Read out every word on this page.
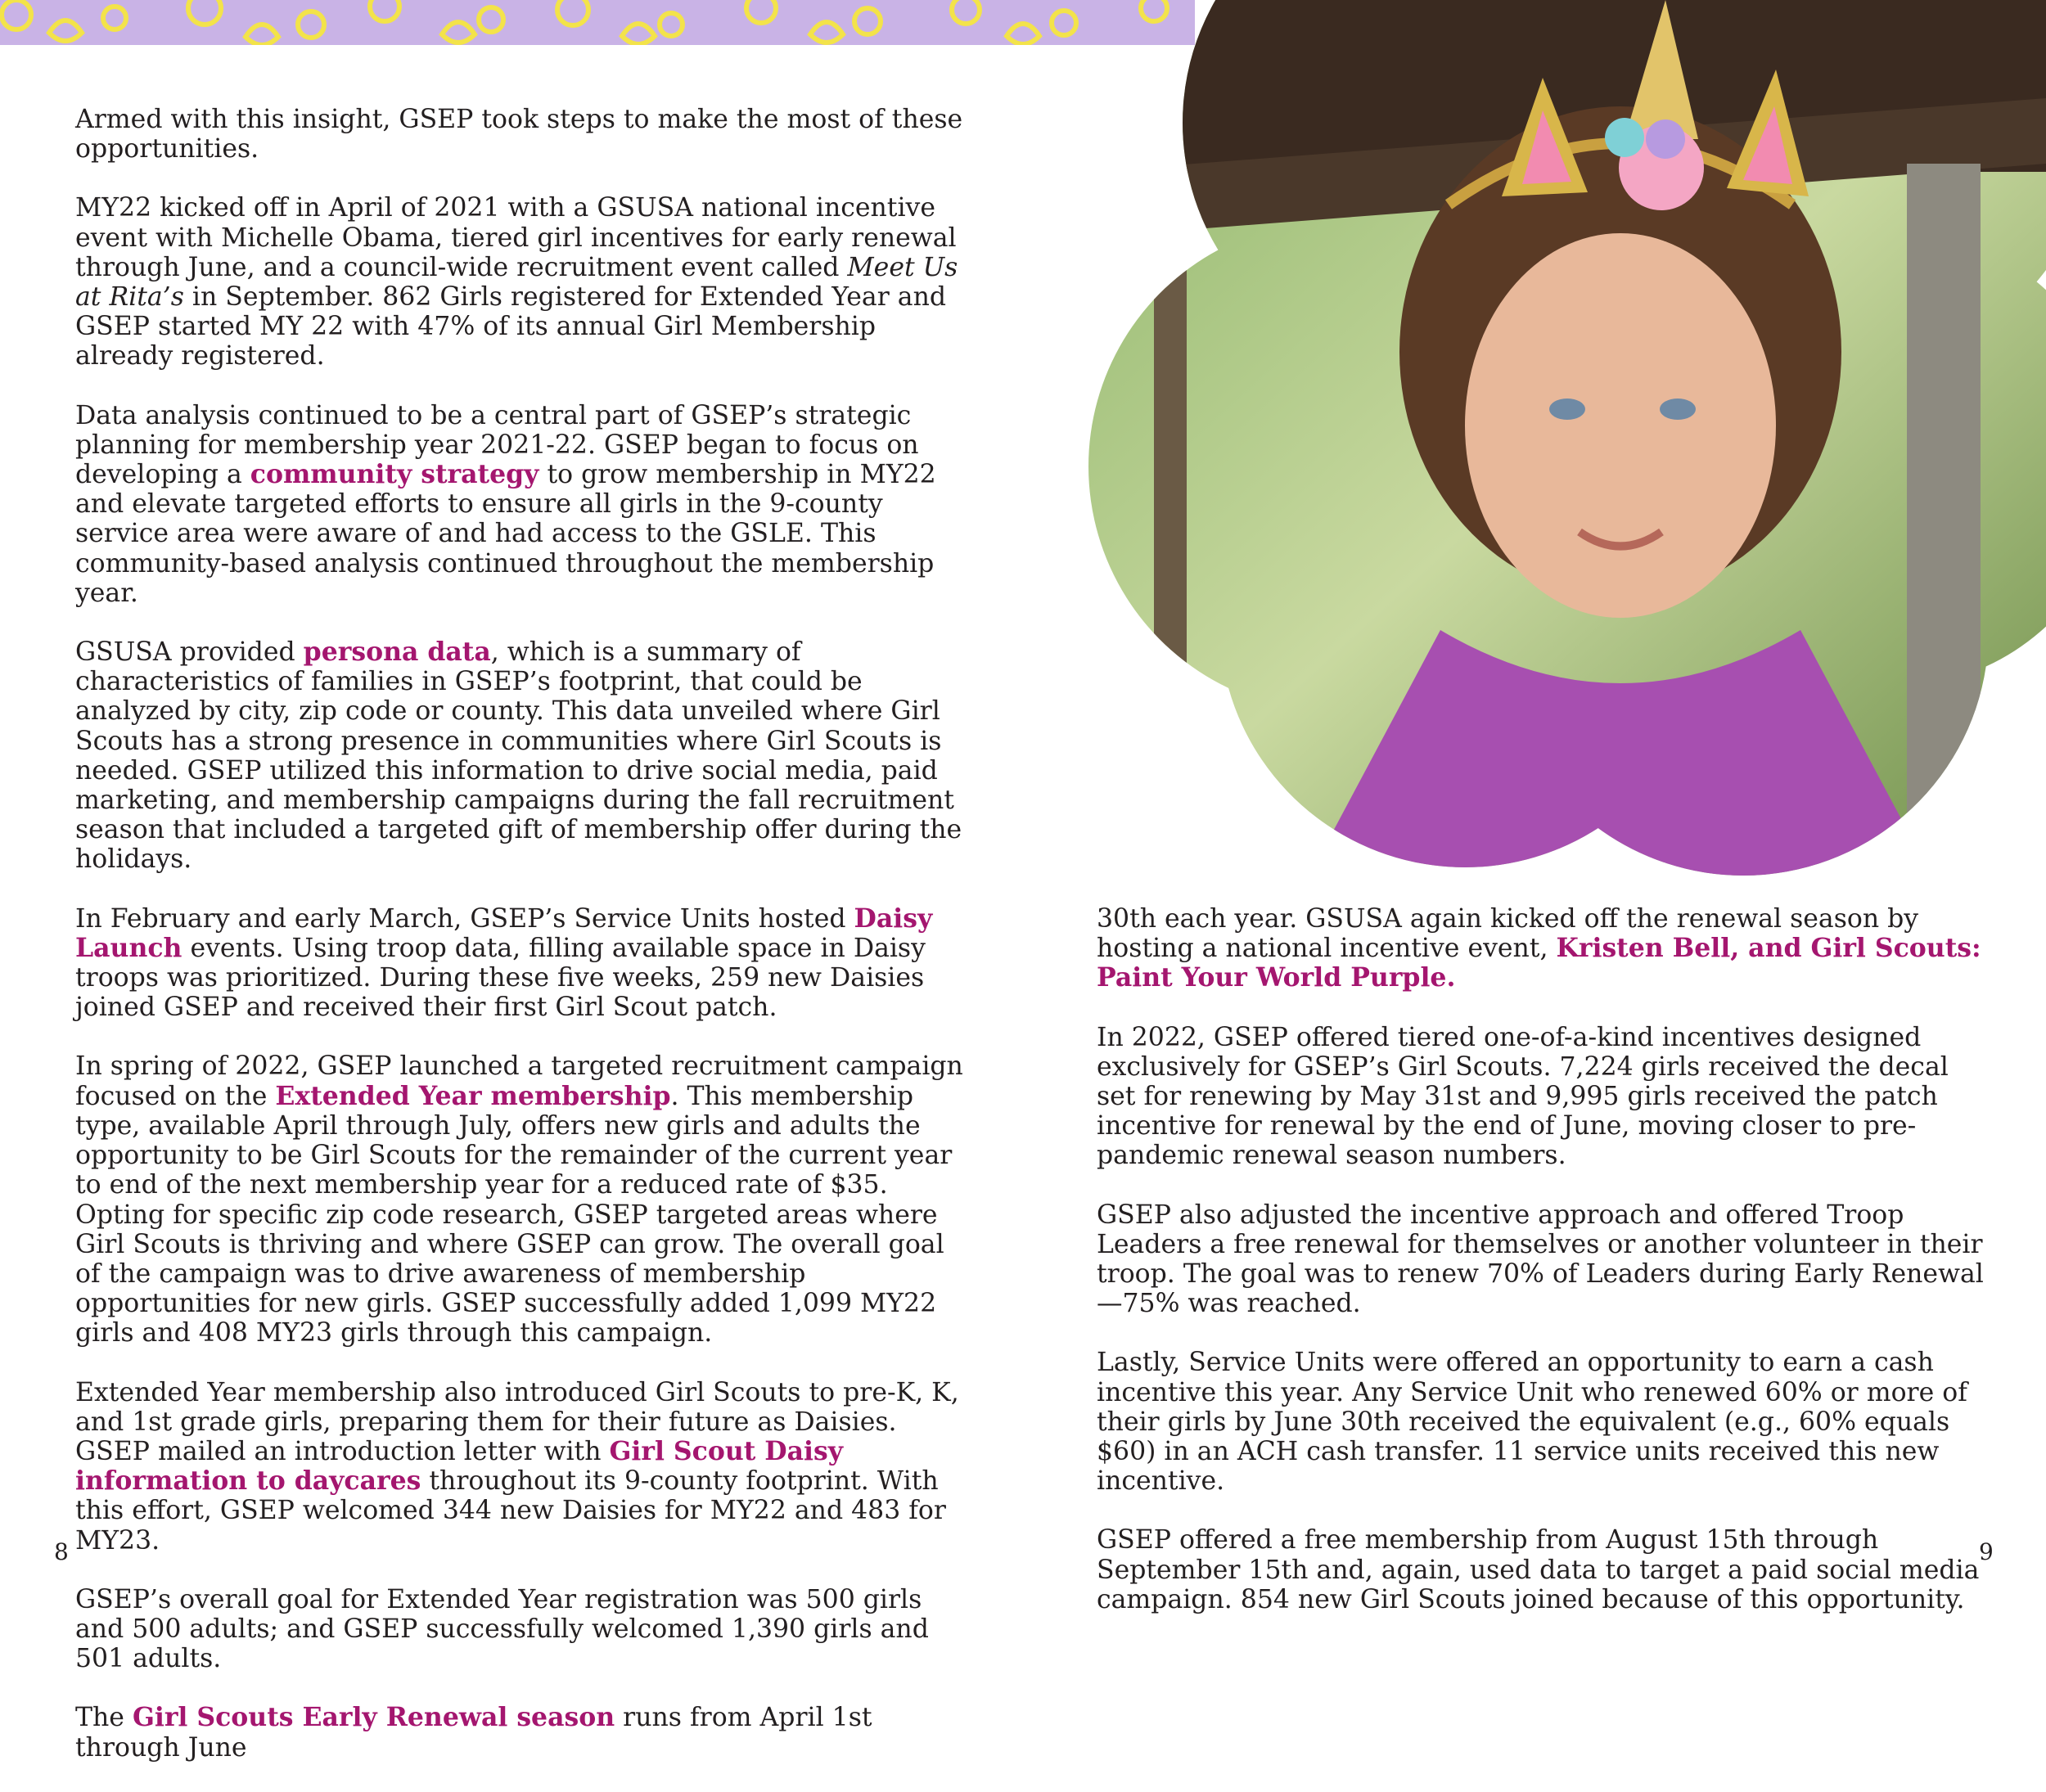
Armed with this insight, GSEP took steps to make the most of these opportunities.

MY22 kicked off in April of 2021 with a GSUSA national incentive event with Michelle Obama, tiered girl incentives for early renewal through June, and a council-wide recruitment event called Meet Us at Rita’s in September. 862 Girls registered for Extended Year and GSEP started MY 22 with 47% of its annual Girl Membership already registered.

Data analysis continued to be a central part of GSEP’s strategic planning for membership year 2021-22. GSEP began to focus on developing a community strategy to grow membership in MY22 and elevate targeted efforts to ensure all girls in the 9-county service area were aware of and had access to the GSLE. This community-based analysis continued throughout the membership year.

GSUSA provided persona data, which is a summary of characteristics of families in GSEP’s footprint, that could be analyzed by city, zip code or county. This data unveiled where Girl Scouts has a strong presence in communities where Girl Scouts is needed. GSEP utilized this information to drive social media, paid marketing, and membership campaigns during the fall recruitment season that included a targeted gift of membership offer during the holidays.

In February and early March, GSEP’s Service Units hosted Daisy Launch events. Using troop data, filling available space in Daisy troops was prioritized. During these five weeks, 259 new Daisies joined GSEP and received their first Girl Scout patch.

In spring of 2022, GSEP launched a targeted recruitment campaign focused on the Extended Year membership. This membership type, available April through July, offers new girls and adults the opportunity to be Girl Scouts for the remainder of the current year to end of the next membership year for a reduced rate of $35. Opting for specific zip code research, GSEP targeted areas where Girl Scouts is thriving and where GSEP can grow. The overall goal of the campaign was to drive awareness of membership opportunities for new girls. GSEP successfully added 1,099 MY22 girls and 408 MY23 girls through this campaign.

Extended Year membership also introduced Girl Scouts to pre-K, K, and 1st grade girls, preparing them for their future as Daisies. GSEP mailed an introduction letter with Girl Scout Daisy information to daycares throughout its 9-county footprint. With this effort, GSEP welcomed 344 new Daisies for MY22 and 483 for MY23.

GSEP’s overall goal for Extended Year registration was 500 girls and 500 adults; and GSEP successfully welcomed 1,390 girls and 501 adults.

The Girl Scouts Early Renewal season runs from April 1st through June

30th each year. GSUSA again kicked off the renewal season by hosting a national incentive event, Kristen Bell, and Girl Scouts: Paint Your World Purple.

In 2022, GSEP offered tiered one-of-a-kind incentives designed exclusively for GSEP’s Girl Scouts. 7,224 girls received the decal set for renewing by May 31st and 9,995 girls received the patch incentive for renewal by the end of June, moving closer to pre-pandemic renewal season numbers.

GSEP also adjusted the incentive approach and offered Troop Leaders a free renewal for themselves or another volunteer in their troop. The goal was to renew 70% of Leaders during Early Renewal—75% was reached.

Lastly, Service Units were offered an opportunity to earn a cash incentive this year. Any Service Unit who renewed 60% or more of their girls by June 30th received the equivalent (e.g., 60% equals $60) in an ACH cash transfer. 11 service units received this new incentive.

GSEP offered a free membership from August 15th through September 15th and, again, used data to target a paid social media campaign. 854 new Girl Scouts joined because of this opportunity.

8	9
